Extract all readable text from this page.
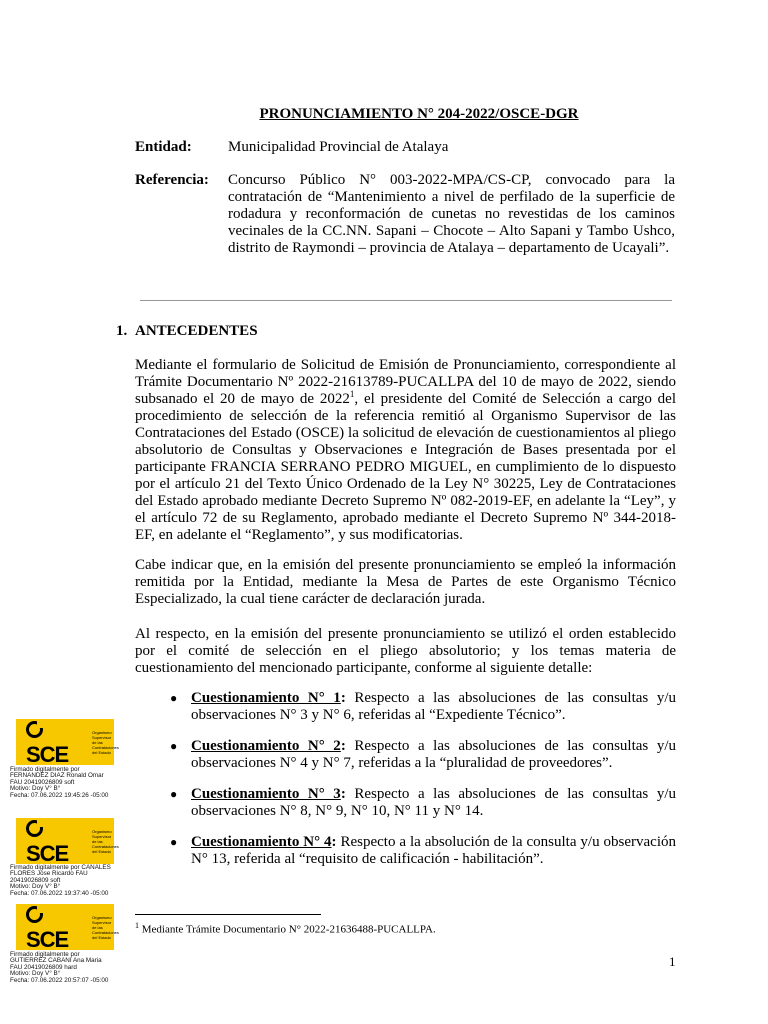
PRONUNCIAMIENTO N° 204-2022/OSCE-DGR
Entidad: Municipalidad Provincial de Atalaya
Referencia: Concurso Público N° 003-2022-MPA/CS-CP, convocado para la contratación de “Mantenimiento a nivel de perfilado de la superficie de rodadura y reconformación de cunetas no revestidas de los caminos vecinales de la CC.NN. Sapani – Chocote – Alto Sapani y Tambo Ushco, distrito de Raymondi – provincia de Atalaya – departamento de Ucayali”.
1. ANTECEDENTES
Mediante el formulario de Solicitud de Emisión de Pronunciamiento, correspondiente al Trámite Documentario Nº 2022-21613789-PUCALLPA del 10 de mayo de 2022, siendo subsanado el 20 de mayo de 2022$^1$, el presidente del Comité de Selección a cargo del procedimiento de selección de la referencia remitió al Organismo Supervisor de las Contrataciones del Estado (OSCE) la solicitud de elevación de cuestionamientos al pliego absolutorio de Consultas y Observaciones e Integración de Bases presentada por el participante FRANCIA SERRANO PEDRO MIGUEL, en cumplimiento de lo dispuesto por el artículo 21 del Texto Único Ordenado de la Ley N° 30225, Ley de Contrataciones del Estado aprobado mediante Decreto Supremo Nº 082-2019-EF, en adelante la “Ley”, y el artículo 72 de su Reglamento, aprobado mediante el Decreto Supremo Nº 344-2018-EF, en adelante el “Reglamento”, y sus modificatorias.
Cabe indicar que, en la emisión del presente pronunciamiento se empleó la información remitida por la Entidad, mediante la Mesa de Partes de este Organismo Técnico Especializado, la cual tiene carácter de declaración jurada.
Al respecto, en la emisión del presente pronunciamiento se utilizó el orden establecido por el comité de selección en el pliego absolutorio; y los temas materia de cuestionamiento del mencionado participante, conforme al siguiente detalle:
● Cuestionamiento N° 1: Respecto a las absoluciones de las consultas y/u observaciones N° 3 y N° 6, referidas al “Expediente Técnico”.
● Cuestionamiento N° 2: Respecto a las absoluciones de las consultas y/u observaciones N° 4 y N° 7, referidas a la “pluralidad de proveedores”.
● Cuestionamiento N° 3: Respecto a las absoluciones de las consultas y/u observaciones N° 8, N° 9, N° 10, N° 11 y N° 14.
● Cuestionamiento N° 4: Respecto a la absolución de la consulta y/u observación N° 13, referida al “requisito de calificación - habilitación”.
$^1$ Mediante Trámite Documentario N° 2022-21636488-PUCALLPA.
1
SCE
Organismo Supervisor de las Contrataciones del Estado
Firmado digitalmente por
FERNANDEZ DIAZ Ronald Omar
FAU 20419026809 soft
Motivo: Doy V° B°
Fecha: 07.06.2022 19:45:26 -05:00
SCE
Organismo Supervisor de las Contrataciones del Estado
Firmado digitalmente por CANALES
FLORES Jose Ricardo FAU
20419026809 soft
Motivo: Doy V° B°
Fecha: 07.06.2022 19:37:40 -05:00
SCE
Organismo Supervisor de las Contrataciones del Estado
Firmado digitalmente por
GUTIERREZ CABANI Ana Maria
FAU 20419026809 hard
Motivo: Doy V° B°
Fecha: 07.06.2022 20:57:07 -05:00
